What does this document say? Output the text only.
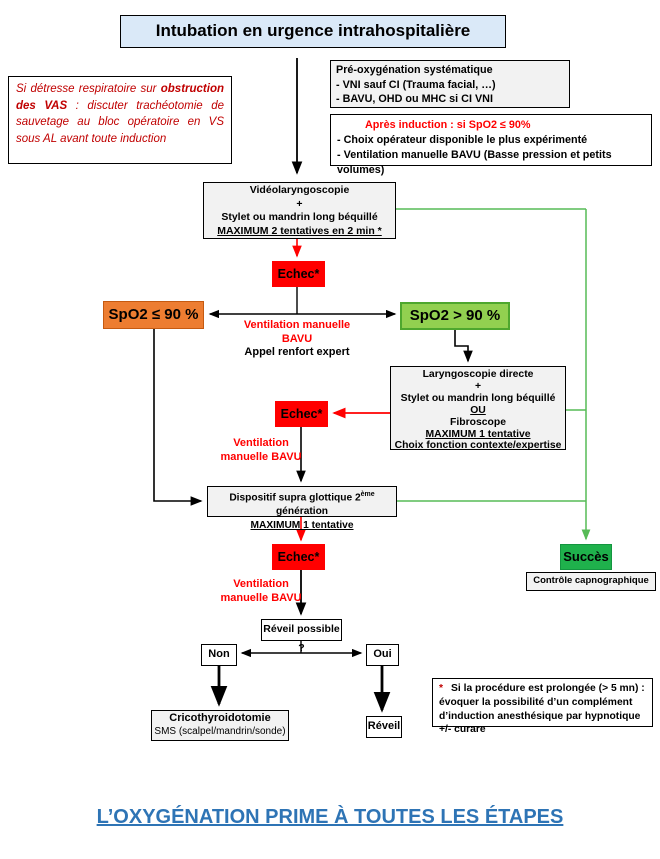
Intubation en urgence intrahospitalière
Si détresse respiratoire sur obstruction des VAS : discuter trachéotomie de sauvetage au bloc opératoire en VS sous AL avant toute induction
Pré-oxygénation systématique
- VNI sauf CI (Trauma facial, …)
- BAVU, OHD ou MHC si CI VNI
Après induction : si SpO2 ≤ 90%
- Choix opérateur disponible le plus expérimenté
- Ventilation manuelle BAVU (Basse pression et petits volumes)
Vidéolaryngoscopie
+
Stylet ou mandrin long béquillé
MAXIMUM 2 tentatives en 2 min *
Echec*
SpO2 ≤ 90 %	SpO2 > 90 %
Ventilation manuelle
BAVU
Appel renfort expert
Laryngoscopie directe
+
Stylet ou mandrin long béquillé
OU
Fibroscope
MAXIMUM 1 tentative
Choix fonction contexte/expertise
Echec*
Ventilation
manuelle BAVU
Dispositif supra glottique 2ème génération
MAXIMUM 1 tentative
Echec*
Ventilation
manuelle BAVU
Réveil possible ?
Non	Oui
Cricothyroidotomie
SMS (scalpel/mandrin/sonde)	Réveil
Succès
Contrôle capnographique
* Si la procédure est prolongée (> 5 mn) : évoquer la possibilité d’un complément d’induction anesthésique par hypnotique +/- curare
L’OXYGÉNATION PRIME À TOUTES LES ÉTAPES
